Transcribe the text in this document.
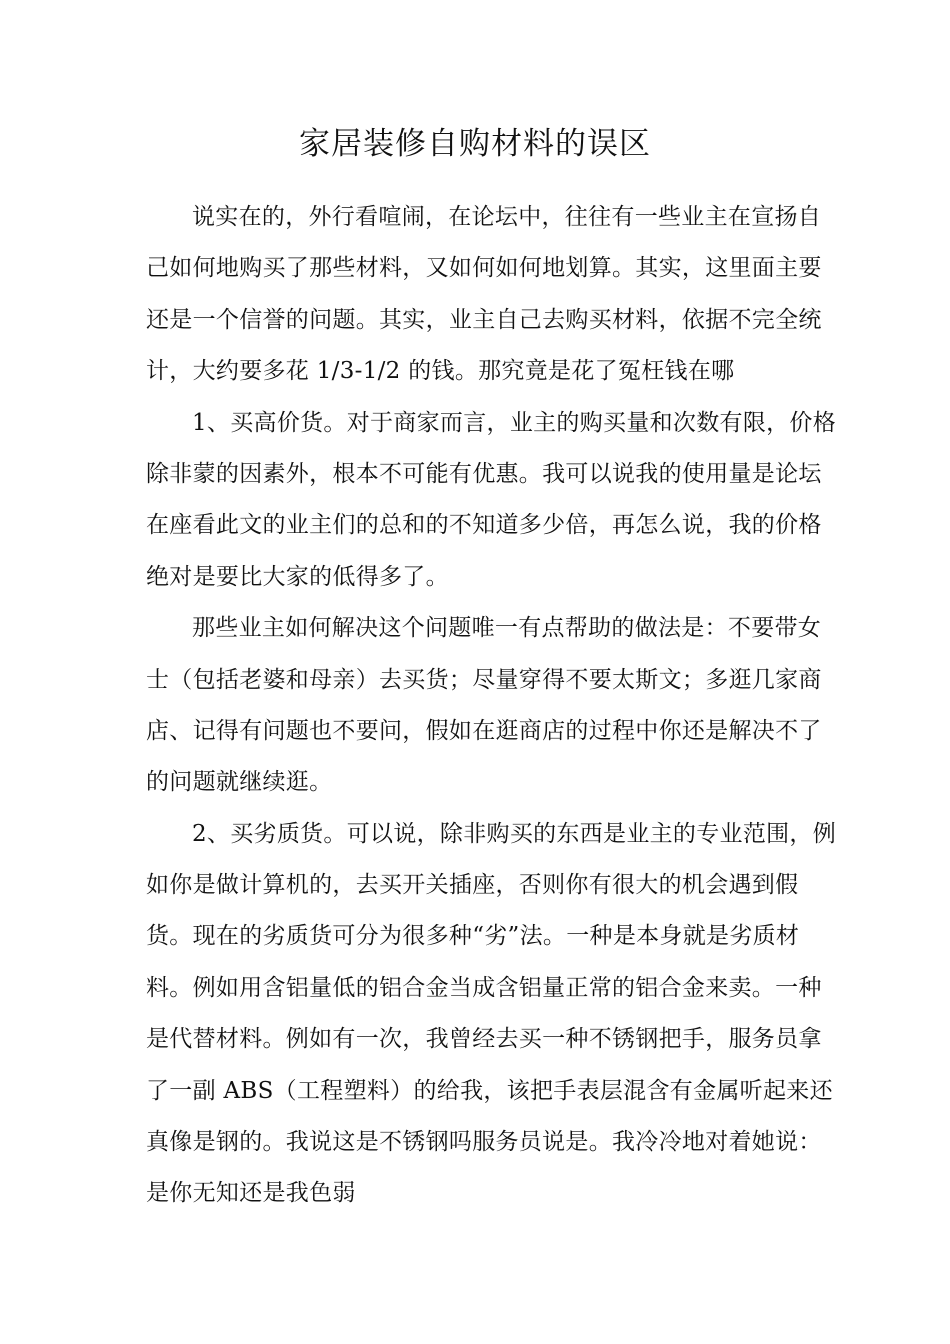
家居装修自购材料的误区
说实在的，外行看喧闹，在论坛中，往往有一些业主在宣扬自
己如何地购买了那些材料，又如何如何地划算。其实，这里面主要
还是一个信誉的问题。其实，业主自己去购买材料，依据不完全统
计，大约要多花 1/3-1/2 的钱。那究竟是花了冤枉钱在哪
1、买高价货。对于商家而言，业主的购买量和次数有限，价格
除非蒙的因素外，根本不可能有优惠。我可以说我的使用量是论坛
在座看此文的业主们的总和的不知道多少倍，再怎么说，我的价格
绝对是要比大家的低得多了。
那些业主如何解决这个问题唯一有点帮助的做法是：不要带女
士（包括老婆和母亲）去买货；尽量穿得不要太斯文；多逛几家商
店、记得有问题也不要问，假如在逛商店的过程中你还是解决不了
的问题就继续逛。
2、买劣质货。可以说，除非购买的东西是业主的专业范围，例
如你是做计算机的，去买开关插座，否则你有很大的机会遇到假
货。现在的劣质货可分为很多种“劣”法。一种是本身就是劣质材
料。例如用含铝量低的铝合金当成含铝量正常的铝合金来卖。一种
是代替材料。例如有一次，我曾经去买一种不锈钢把手，服务员拿
了一副 ABS（工程塑料）的给我，该把手表层混含有金属听起来还
真像是钢的。我说这是不锈钢吗服务员说是。我冷冷地对着她说：
是你无知还是我色弱
